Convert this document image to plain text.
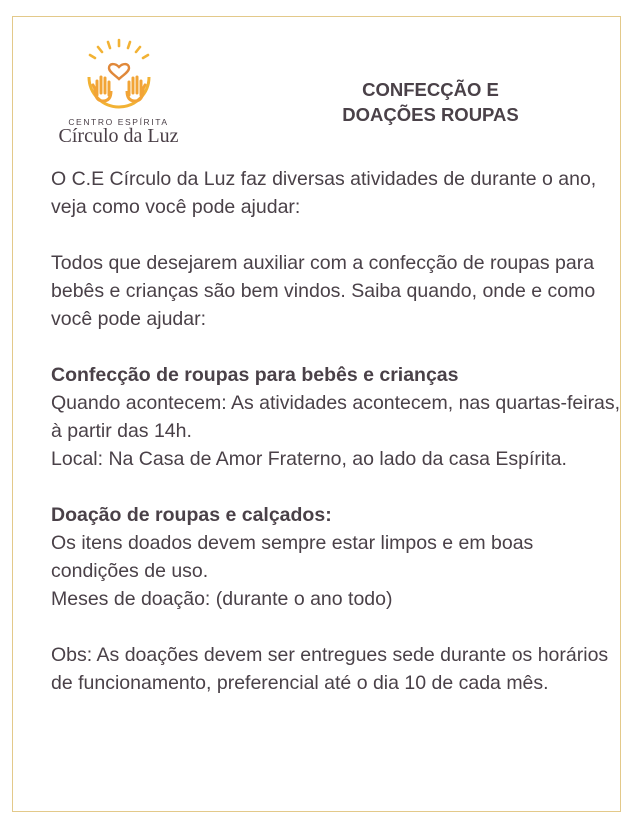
CENTRO ESPÍRITA
Círculo da Luz
CONFECÇÃO E DOAÇÕES ROUPAS

O C.E Círculo da Luz faz diversas atividades de durante o ano, veja como você pode ajudar:

Todos que desejarem auxiliar com a confecção de roupas para bebês e crianças são bem vindos. Saiba quando, onde e como você pode ajudar:

Confecção de roupas para bebês e crianças

Quando acontecem: As atividades acontecem, nas quartas-feiras, à partir das 14h.

Local: Na Casa de Amor Fraterno, ao lado da casa Espírita.

Doação de roupas e calçados:

Os itens doados devem sempre estar limpos e em boas condições de uso.

Meses de doação: (durante o ano todo)

Obs: As doações devem ser entregues sede durante os horários de funcionamento, preferencial até o dia 10 de cada mês.
